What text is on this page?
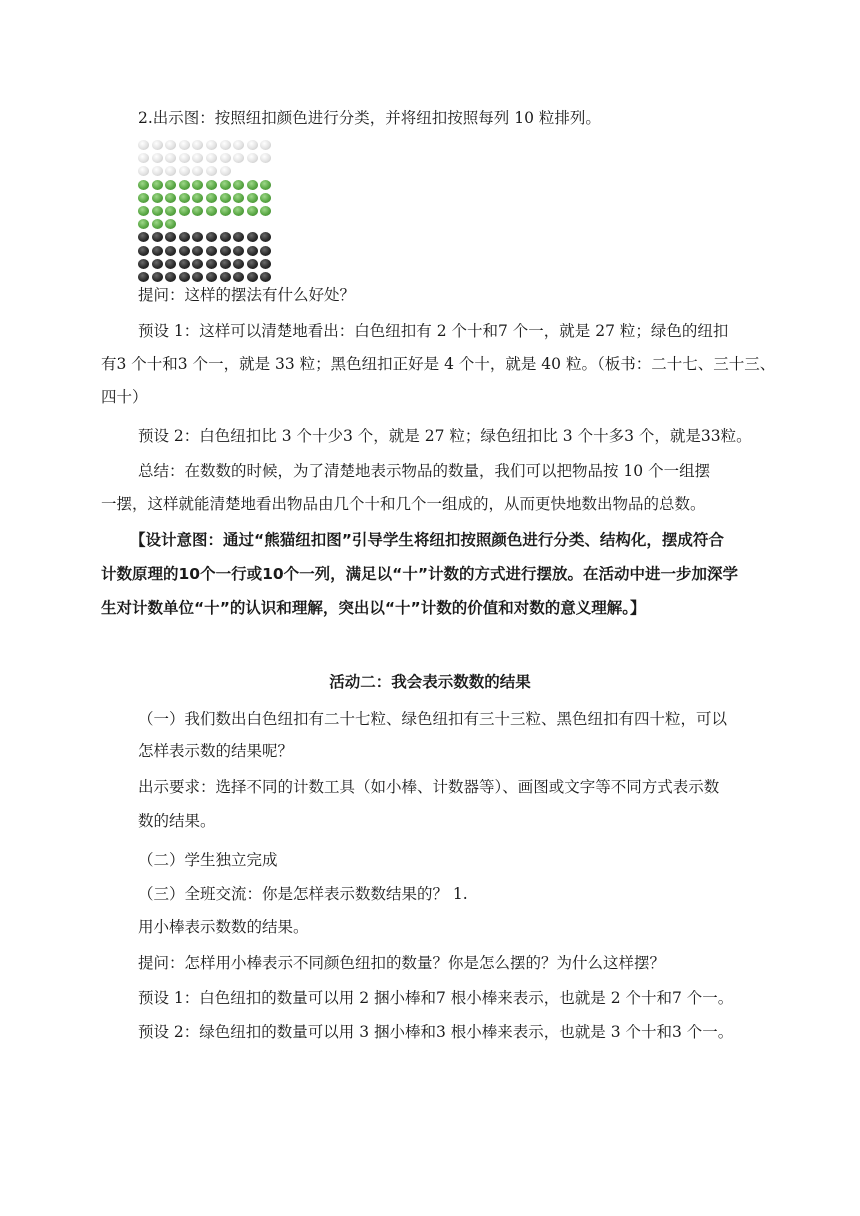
2.出示图：按照纽扣颜色进行分类，并将纽扣按照每列 10 粒排列。
提问：这样的摆法有什么好处？
预设 1：这样可以清楚地看出：白色纽扣有 2 个十和7 个一，就是 27 粒；绿色的纽扣
有3 个十和3 个一，就是 33 粒；黑色纽扣正好是 4 个十，就是 40 粒。（板书：二十七、三十三、
四十）
预设 2：白色纽扣比 3 个十少3 个，就是 27 粒；绿色纽扣比 3 个十多3 个，就是33粒。
总结：在数数的时候，为了清楚地表示物品的数量，我们可以把物品按 10 个一组摆
一摆，这样就能清楚地看出物品由几个十和几个一组成的，从而更快地数出物品的总数。
【设计意图：通过“熊猫纽扣图”引导学生将纽扣按照颜色进行分类、结构化，摆成符合
计数原理的10个一行或10个一列，满足以“十”计数的方式进行摆放。在活动中进一步加深学
生对计数单位“十”的认识和理解，突出以“十”计数的价值和对数的意义理解。】
活动二：我会表示数数的结果
（一）我们数出白色纽扣有二十七粒、绿色纽扣有三十三粒、黑色纽扣有四十粒，可以
怎样表示数的结果呢？
出示要求：选择不同的计数工具（如小棒、计数器等）、画图或文字等不同方式表示数
数的结果。
（二）学生独立完成
（三）全班交流：你是怎样表示数数结果的？ 1.
用小棒表示数数的结果。
提问：怎样用小棒表示不同颜色纽扣的数量？你是怎么摆的？为什么这样摆？
预设 1：白色纽扣的数量可以用 2 捆小棒和7 根小棒来表示，也就是 2 个十和7 个一。
预设 2：绿色纽扣的数量可以用 3 捆小棒和3 根小棒来表示，也就是 3 个十和3 个一。
